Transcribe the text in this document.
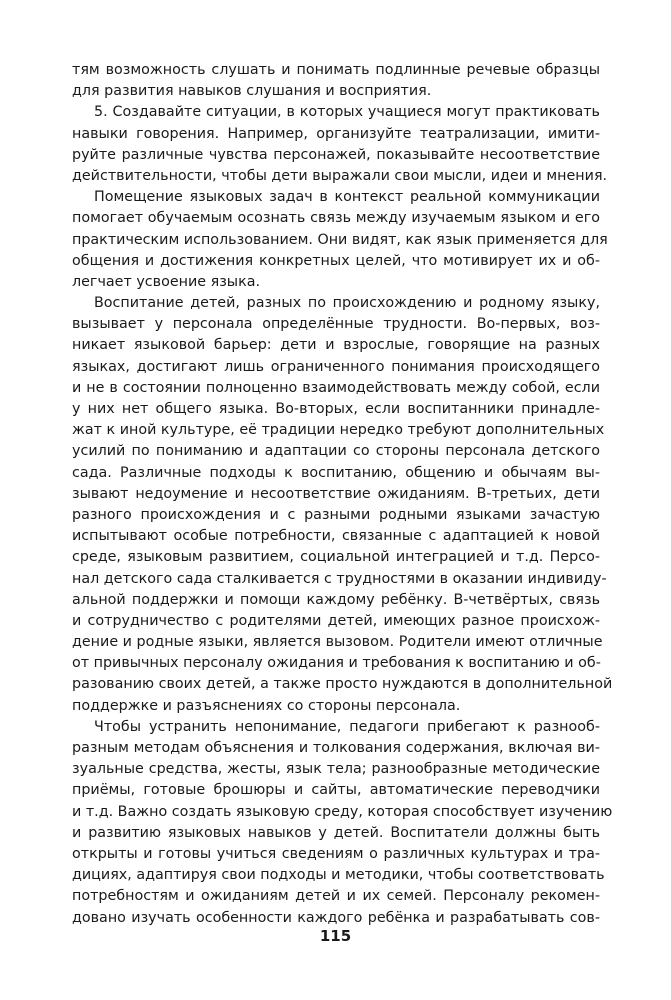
тям возможность слушать и понимать подлинные речевые образцы
для развития навыков слушания и восприятия.
5. Создавайте ситуации, в которых учащиеся могут практиковать
навыки говорения. Например, организуйте театрализации, имити-
руйте различные чувства персонажей, показывайте несоответствие
действительности, чтобы дети выражали свои мысли, идеи и мнения.
Помещение языковых задач в контекст реальной коммуникации
помогает обучаемым осознать связь между изучаемым языком и его
практическим использованием. Они видят, как язык применяется для
общения и достижения конкретных целей, что мотивирует их и об-
легчает усвоение языка.
Воспитание детей, разных по происхождению и родному языку,
вызывает у персонала определённые трудности. Во-первых, воз-
никает языковой барьер: дети и взрослые, говорящие на разных
языках, достигают лишь ограниченного понимания происходящего
и не в состоянии полноценно взаимодействовать между собой, если
у них нет общего языка. Во-вторых, если воспитанники принадле-
жат к иной культуре, её традиции нередко требуют дополнительных
усилий по пониманию и адаптации со стороны персонала детского
сада. Различные подходы к воспитанию, общению и обычаям вы-
зывают недоумение и несоответствие ожиданиям. В-третьих, дети
разного происхождения и с разными родными языками зачастую
испытывают особые потребности, связанные с адаптацией к новой
среде, языковым развитием, социальной интеграцией и т.д. Персо-
нал детского сада сталкивается с трудностями в оказании индивиду-
альной поддержки и помощи каждому ребёнку. В-четвёртых, связь
и сотрудничество с родителями детей, имеющих разное происхож-
дение и родные языки, является вызовом. Родители имеют отличные
от привычных персоналу ожидания и требования к воспитанию и об-
разованию своих детей, а также просто нуждаются в дополнительной
поддержке и разъяснениях со стороны персонала.
Чтобы устранить непонимание, педагоги прибегают к разнооб-
разным методам объяснения и толкования содержания, включая ви-
зуальные средства, жесты, язык тела; разнообразные методические
приёмы, готовые брошюры и сайты, автоматические переводчики
и т.д. Важно создать языковую среду, которая способствует изучению
и развитию языковых навыков у детей. Воспитатели должны быть
открыты и готовы учиться сведениям о различных культурах и тра-
дициях, адаптируя свои подходы и методики, чтобы соответствовать
потребностям и ожиданиям детей и их семей. Персоналу рекомен-
довано изучать особенности каждого ребёнка и разрабатывать сов-
115
